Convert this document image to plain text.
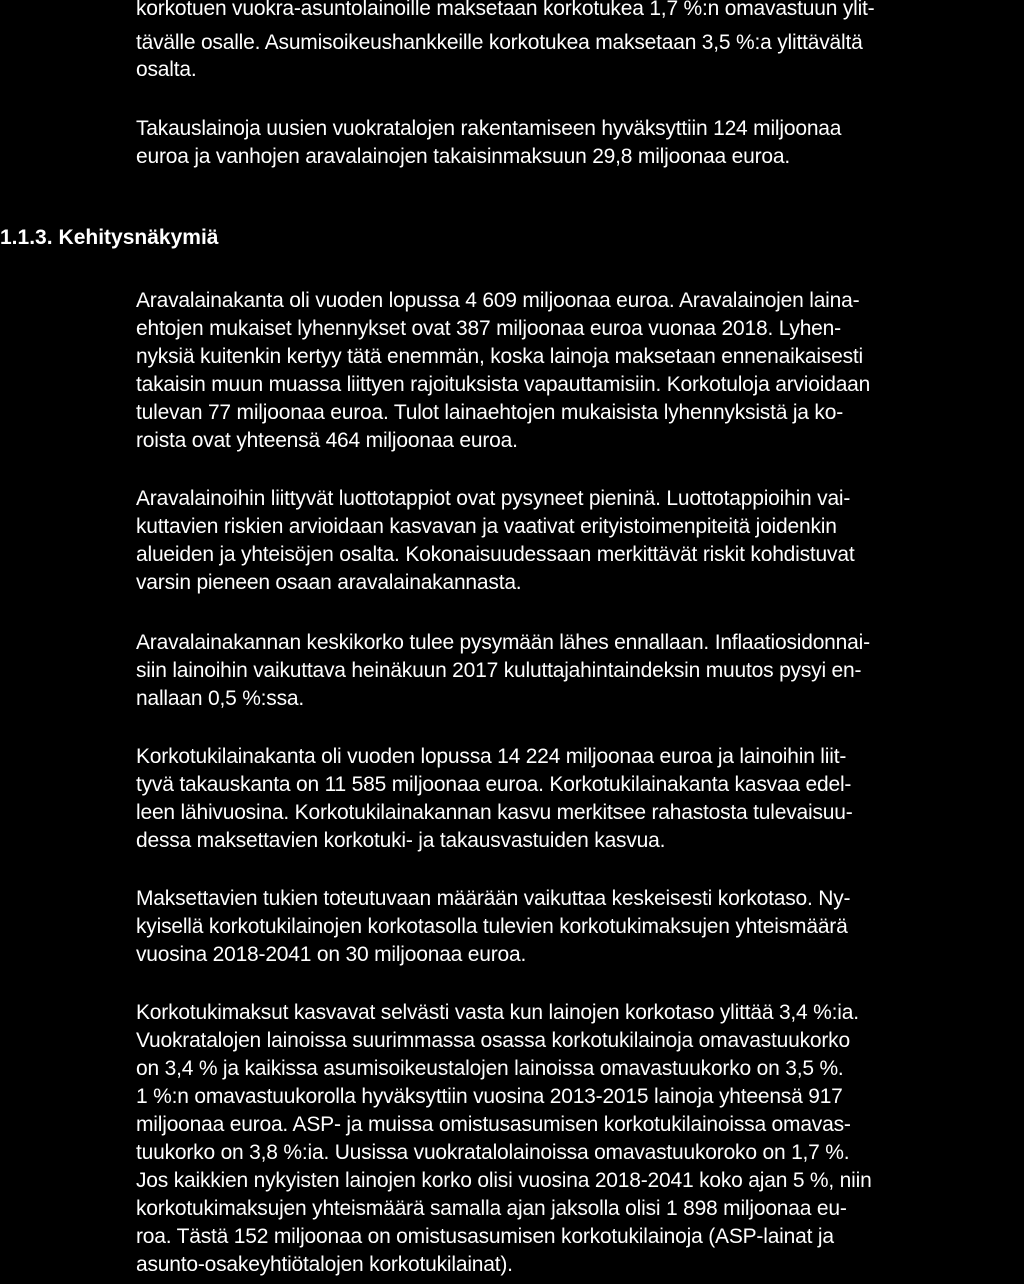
korkotuen vuokra-asuntolainoille maksetaan korkotukea 1,7 %:n omavastuun ylit-
tävälle osalle. Asumisoikeushankkeille korkotukea maksetaan 3,5 %:a ylittävältä
osalta.
Takauslainoja uusien vuokratalojen rakentamiseen hyväksyttiin 124 miljoonaa
euroa ja vanhojen aravalainojen takaisinmaksuun 29,8 miljoonaa euroa.
1.1.3. Kehitysnäkymiä
Aravalainakanta oli vuoden lopussa 4 609 miljoonaa euroa. Aravalainojen laina-
ehtojen mukaiset lyhennykset ovat 387 miljoonaa euroa vuonaa 2018. Lyhen-
nyksiä kuitenkin kertyy tätä enemmän, koska lainoja maksetaan ennenaikaisesti
takaisin muun muassa liittyen rajoituksista vapauttamisiin. Korkotuloja arvioidaan
tulevan 77 miljoonaa euroa. Tulot lainaehtojen mukaisista lyhennyksistä ja ko-
roista ovat yhteensä 464 miljoonaa euroa.
Aravalainoihin liittyvät luottotappiot ovat pysyneet pieninä. Luottotappioihin vai-
kuttavien riskien arvioidaan kasvavan ja vaativat erityistoimenpiteitä joidenkin
alueiden ja yhteisöjen osalta. Kokonaisuudessaan merkittävät riskit kohdistuvat
varsin pieneen osaan aravalainakannasta.
Aravalainakannan keskikorko tulee pysymään lähes ennallaan. Inflaatiosidonnai-
siin lainoihin vaikuttava heinäkuun 2017 kuluttajahintaindeksin muutos pysyi en-
nallaan 0,5 %:ssa.
Korkotukilainakanta oli vuoden lopussa 14 224 miljoonaa euroa ja lainoihin liit-
tyvä takauskanta on 11 585 miljoonaa euroa. Korkotukilainakanta kasvaa edel-
leen lähivuosina. Korkotukilainakannan kasvu merkitsee rahastosta tulevaisuu-
dessa maksettavien korkotuki- ja takausvastuiden kasvua.
Maksettavien tukien toteutuvaan määrään vaikuttaa keskeisesti korkotaso. Ny-
kyisellä korkotukilainojen korkotasolla tulevien korkotukimaksujen yhteismäärä
vuosina 2018-2041 on 30 miljoonaa euroa.
Korkotukimaksut kasvavat selvästi vasta kun lainojen korkotaso ylittää 3,4 %:ia.
Vuokratalojen lainoissa suurimmassa osassa korkotukilainoja omavastuukorko
on 3,4 % ja kaikissa asumisoikeustalojen lainoissa omavastuukorko on 3,5 %.
1 %:n omavastuukorolla hyväksyttiin vuosina 2013-2015 lainoja yhteensä 917
miljoonaa euroa. ASP- ja muissa omistusasumisen korkotukilainoissa omavas-
tuukorko on 3,8 %:ia. Uusissa vuokratalolainoissa omavastuukoroko on 1,7 %.
Jos kaikkien nykyisten lainojen korko olisi vuosina 2018-2041 koko ajan 5 %, niin
korkotukimaksujen yhteismäärä samalla ajan jaksolla olisi 1 898 miljoonaa eu-
roa. Tästä 152 miljoonaa on omistusasumisen korkotukilainoja (ASP-lainat ja
asunto-osakeyhtiötalojen korkotukilainat).
